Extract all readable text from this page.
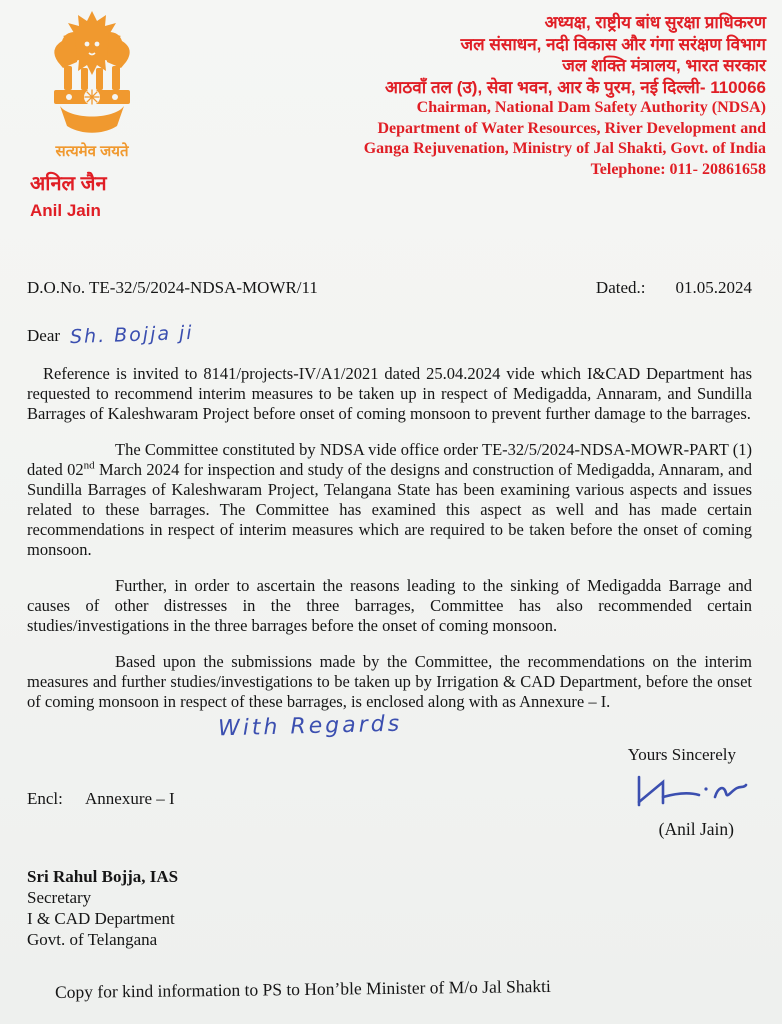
सत्यमेव जयते
अनिल जैन
Anil Jain
अध्यक्ष, राष्ट्रीय बांध सुरक्षा प्राधिकरण
जल संसाधन, नदी विकास और गंगा सरंक्षण विभाग
जल शक्ति मंत्रालय, भारत सरकार
आठवाँ तल (उ), सेवा भवन, आर के पुरम, नई दिल्ली- 110066
Chairman, National Dam Safety Authority (NDSA)
Department of Water Resources, River Development and
Ganga Rejuvenation, Ministry of Jal Shakti, Govt. of India
Telephone: 011- 20861658
D.O.No. TE-32/5/2024-NDSA-MOWR/11	Dated.: 01.05.2024
Dear Sh. Bojja ji

Reference is invited to 8141/projects-IV/A1/2021 dated 25.04.2024 vide which I&CAD Department has requested to recommend interim measures to be taken up in respect of Medigadda, Annaram, and Sundilla Barrages of Kaleshwaram Project before onset of coming monsoon to prevent further damage to the barrages.

The Committee constituted by NDSA vide office order TE-32/5/2024-NDSA-MOWR-PART (1) dated 02nd March 2024 for inspection and study of the designs and construction of Medigadda, Annaram, and Sundilla Barrages of Kaleshwaram Project, Telangana State has been examining various aspects and issues related to these barrages. The Committee has examined this aspect as well and has made certain recommendations in respect of interim measures which are required to be taken before the onset of coming monsoon.

Further, in order to ascertain the reasons leading to the sinking of Medigadda Barrage and causes of other distresses in the three barrages, Committee has also recommended certain studies/investigations in the three barrages before the onset of coming monsoon.

Based upon the submissions made by the Committee, the recommendations on the interim measures and further studies/investigations to be taken up by Irrigation & CAD Department, before the onset of coming monsoon in respect of these barrages, is enclosed along with as Annexure – I.

With Regards
Encl: Annexure – I
Yours Sincerely
(Anil Jain)
Sri Rahul Bojja, IAS
Secretary
I & CAD Department
Govt. of Telangana
Copy for kind information to PS to Hon’ble Minister of M/o Jal Shakti
